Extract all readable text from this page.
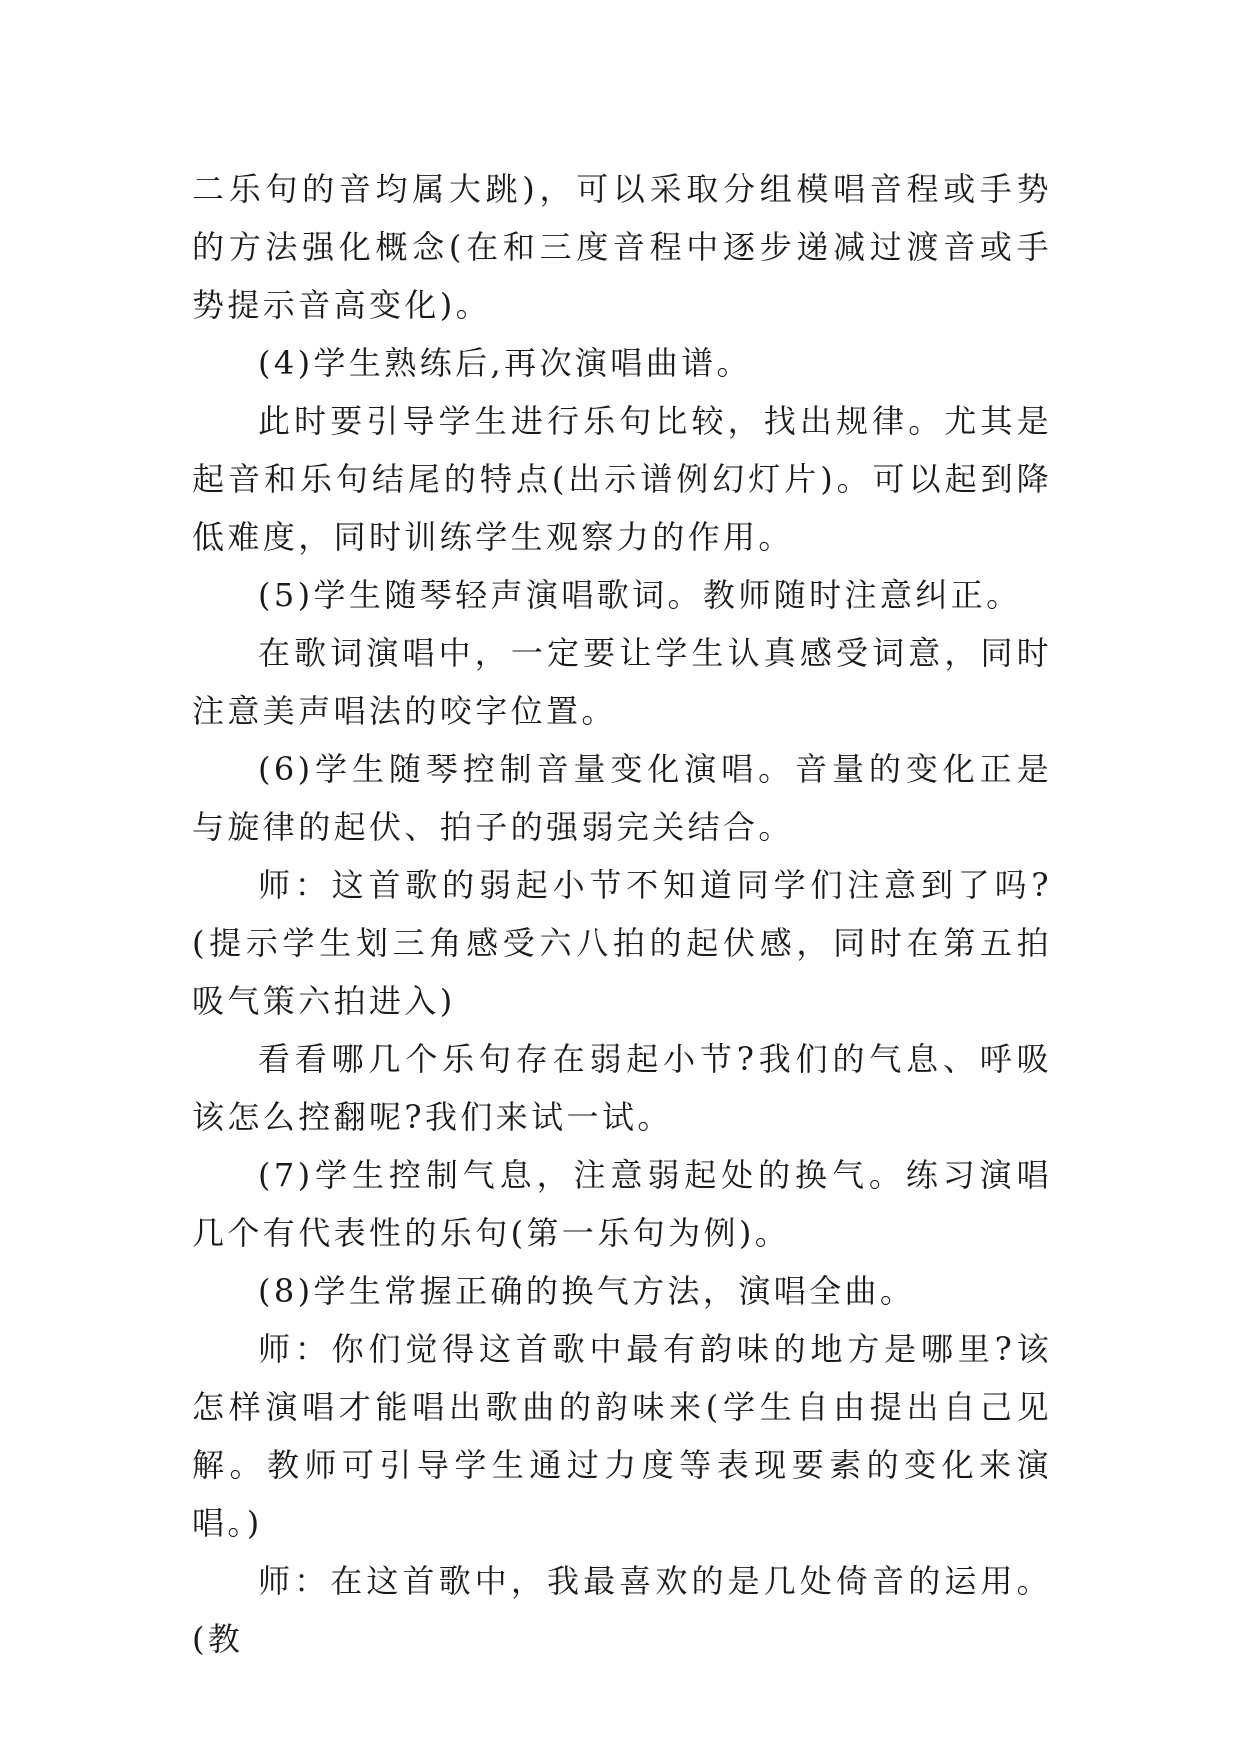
二乐句的音均属大跳)，可以采取分组模唱音程或手势的方法强化概念(在和三度音程中逐步递减过渡音或手势提示音高变化)。

(4)学生熟练后,再次演唱曲谱。

此时要引导学生进行乐句比较，找出规律。尤其是起音和乐句结尾的特点(出示谱例幻灯片)。可以起到降低难度，同时训练学生观察力的作用。

(5)学生随琴轻声演唱歌词。教师随时注意纠正。

在歌词演唱中，一定要让学生认真感受词意，同时注意美声唱法的咬字位置。

(6)学生随琴控制音量变化演唱。音量的变化正是与旋律的起伏、拍子的强弱完关结合。

师：这首歌的弱起小节不知道同学们注意到了吗?(提示学生划三角感受六八拍的起伏感，同时在第五拍吸气策六拍进入)

看看哪几个乐句存在弱起小节?我们的气息、呼吸该怎么控翻呢?我们来试一试。

(7)学生控制气息，注意弱起处的换气。练习演唱几个有代表性的乐句(第一乐句为例)。

(8)学生常握正确的换气方法，演唱全曲。

师：你们觉得这首歌中最有韵味的地方是哪里?该怎样演唱才能唱出歌曲的韵味来(学生自由提出自己见解。教师可引导学生通过力度等表现要素的变化来演唱。)

师：在这首歌中，我最喜欢的是几处倚音的运用。(教
